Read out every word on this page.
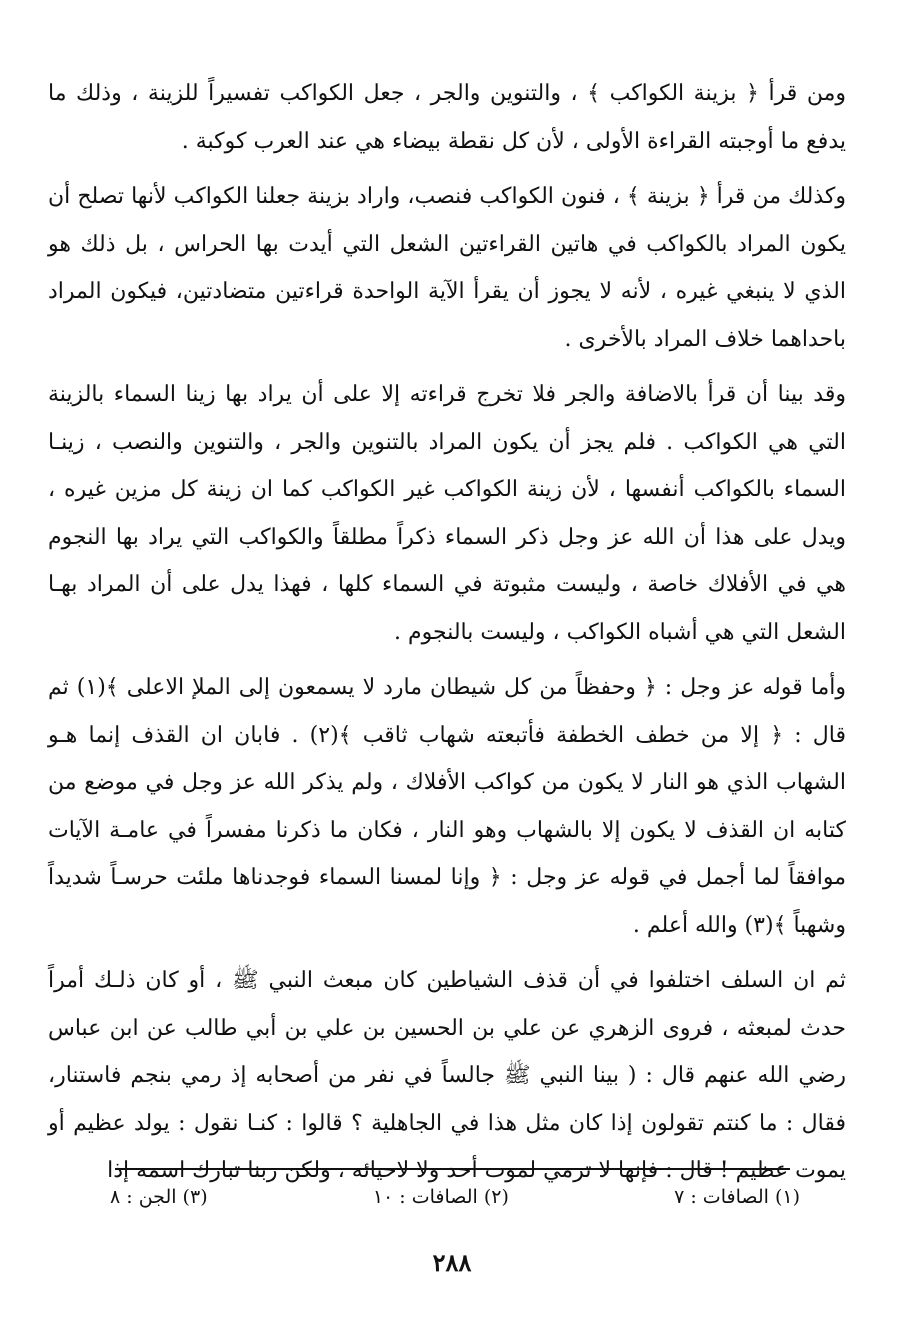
ومن قرأ ﴿ بزينة الكواكب ﴾ ، والتنوين والجر ، جعل الكواكب تفسيراً للزينة ، وذلك ما يدفع ما أوجبته القراءة الأولى ، لأن كل نقطة بيضاء هي عند العرب كوكبة .

وكذلك من قرأ ﴿ بزينة ﴾ ، فنون الكواكب فنصب، واراد بزينة جعلنا الكواكب لأنها تصلح أن يكون المراد بالكواكب في هاتين القراءتين الشعل التي أيدت بها الحراس ، بل ذلك هو الذي لا ينبغي غيره ، لأنه لا يجوز أن يقرأ الآية الواحدة قراءتين متضادتين، فيكون المراد باحداهما خلاف المراد بالأخرى .

وقد بينا أن قرأ بالاضافة والجر فلا تخرج قراءته إلا على أن يراد بها زينا السماء بالزينة التي هي الكواكب . فلم يجز أن يكون المراد بالتنوين والجر ، والتنوين والنصب ، زينـا السماء بالكواكب أنفسها ، لأن زينة الكواكب غير الكواكب كما ان زينة كل مزين غيره ، ويدل على هذا أن الله عز وجل ذكر السماء ذكراً مطلقاً والكواكب التي يراد بها النجوم هي في الأفلاك خاصة ، وليست مثبوتة في السماء كلها ، فهذا يدل على أن المراد بهـا الشعل التي هي أشباه الكواكب ، وليست بالنجوم .

وأما قوله عز وجل : ﴿ وحفظاً من كل شيطان مارد لا يسمعون إلى الملإ الاعلى ﴾(١) ثم قال : ﴿ إلا من خطف الخطفة فأتبعته شهاب ثاقب ﴾(٢) . فابان ان القذف إنما هـو الشهاب الذي هو النار لا يكون من كواكب الأفلاك ، ولم يذكر الله عز وجل في موضع من كتابه ان القذف لا يكون إلا بالشهاب وهو النار ، فكان ما ذكرنا مفسراً في عامـة الآيات موافقاً لما أجمل في قوله عز وجل : ﴿ وإنا لمسنا السماء فوجدناها ملئت حرسـاً شديداً وشهباً ﴾(٣) والله أعلم .

ثم ان السلف اختلفوا في أن قذف الشياطين كان مبعث النبي ﷺ ، أو كان ذلـك أمراً حدث لمبعثه ، فروى الزهري عن علي بن الحسين بن علي بن أبي طالب عن ابن عباس رضي الله عنهم قال : ( بينا النبي ﷺ جالساً في نفر من أصحابه إذ رمي بنجم فاستنار، فقال : ما كنتم تقولون إذا كان مثل هذا في الجاهلية ؟ قالوا : كنـا نقول : يولد عظيم أو يموت عظيم ! قال : فإنها لا ترمي لموت أحد ولا لاحيائه ، ولكن ربنا تبارك اسمه إذا

(١) الصافات : ٧
(٢) الصافات : ١٠
(٣) الجن : ٨
٢٨٨
